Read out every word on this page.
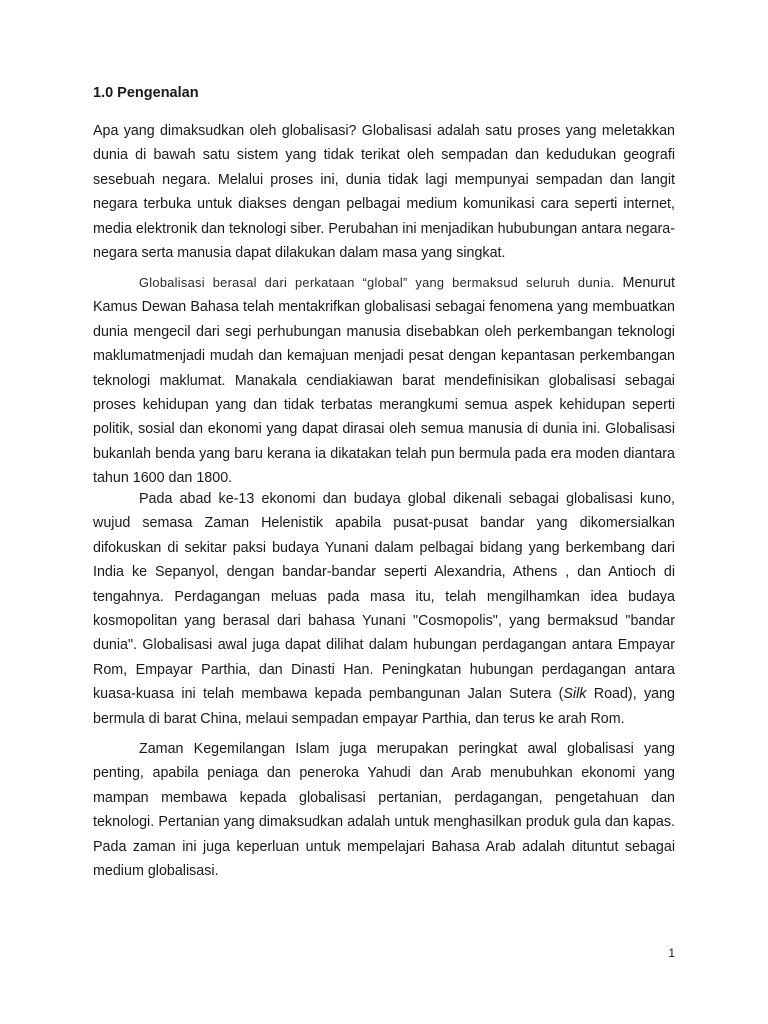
1.0 Pengenalan

Apa yang dimaksudkan oleh globalisasi? Globalisasi adalah satu proses yang meletakkan dunia di bawah satu sistem yang tidak terikat oleh sempadan dan kedudukan geografi sesebuah negara. Melalui proses ini, dunia tidak lagi mempunyai sempadan dan langit negara terbuka untuk diakses dengan pelbagai medium komunikasi cara seperti internet, media elektronik dan teknologi siber. Perubahan ini menjadikan hububungan antara negara-negara serta manusia dapat dilakukan dalam masa yang singkat.

Globalisasi berasal dari perkataan “global” yang bermaksud seluruh dunia. Menurut Kamus Dewan Bahasa telah mentakrifkan globalisasi sebagai fenomena yang membuatkan dunia mengecil dari segi perhubungan manusia disebabkan oleh perkembangan teknologi maklumatmenjadi mudah dan kemajuan menjadi pesat dengan kepantasan perkembangan teknologi maklumat. Manakala cendiakiawan barat mendefinisikan globalisasi sebagai proses kehidupan yang dan tidak terbatas merangkumi semua aspek kehidupan seperti politik, sosial dan ekonomi yang dapat dirasai oleh semua manusia di dunia ini. Globalisasi bukanlah benda yang baru kerana ia dikatakan telah pun bermula pada era moden diantara tahun 1600 dan 1800.

Pada abad ke-13 ekonomi dan budaya global dikenali sebagai globalisasi kuno, wujud semasa Zaman Helenistik apabila pusat-pusat bandar yang dikomersialkan difokuskan di sekitar paksi budaya Yunani dalam pelbagai bidang yang berkembang dari India ke Sepanyol, dengan bandar-bandar seperti Alexandria, Athens , dan Antioch di tengahnya. Perdagangan meluas pada masa itu, telah mengilhamkan idea budaya kosmopolitan yang berasal dari bahasa Yunani "Cosmopolis", yang bermaksud "bandar dunia". Globalisasi awal juga dapat dilihat dalam hubungan perdagangan antara Empayar Rom, Empayar Parthia, dan Dinasti Han. Peningkatan hubungan perdagangan antara kuasa-kuasa ini telah membawa kepada pembangunan Jalan Sutera (Silk Road), yang bermula di barat China, melaui sempadan empayar Parthia, dan terus ke arah Rom.

Zaman Kegemilangan Islam juga merupakan peringkat awal globalisasi yang penting, apabila peniaga dan peneroka Yahudi dan Arab menubuhkan ekonomi yang mampan membawa kepada globalisasi pertanian, perdagangan, pengetahuan dan teknologi. Pertanian yang dimaksudkan adalah untuk menghasilkan produk gula dan kapas. Pada zaman ini juga keperluan untuk mempelajari Bahasa Arab adalah dituntut sebagai medium globalisasi.

1
